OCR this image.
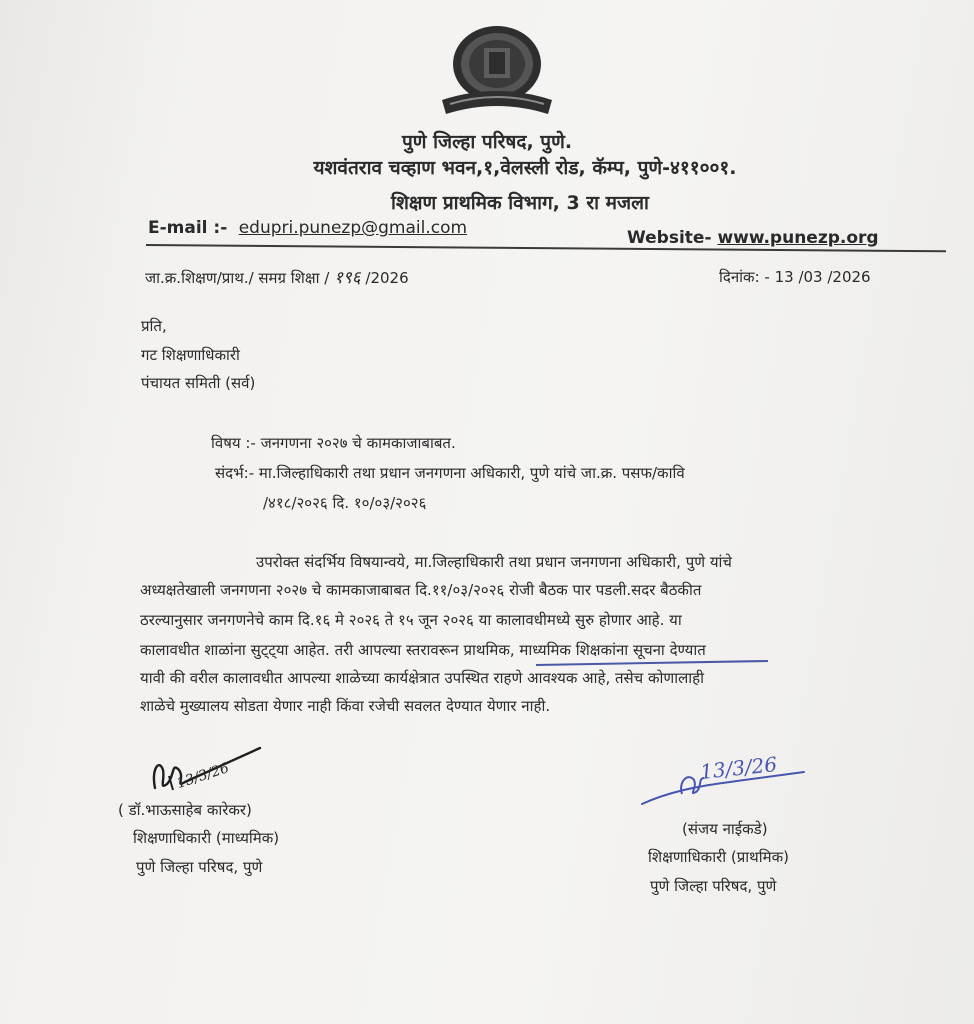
पुणे जिल्हा परिषद, पुणे.
यशवंतराव चव्हाण भवन,१,वेलस्ली रोड, कॅम्प, पुणे-४११००१.
शिक्षण प्राथमिक विभाग, 3 रा मजला
E-mail :- edupri.punezp@gmail.com	Website- www.punezp.org
जा.क्र.शिक्षण/प्राथ./ समग्र शिक्षा / १९६ /2026	दिनांक: - 13 /03 /2026
प्रति,
गट शिक्षणाधिकारी
पंचायत समिती (सर्व)
विषय :- जनगणना २०२७ चे कामकाजाबाबत.
संदर्भ:- मा.जिल्हाधिकारी तथा प्रधान जनगणना अधिकारी, पुणे यांचे जा.क्र. पसफ/कावि
/४१८/२०२६ दि. १०/०३/२०२६
उपरोक्त संदर्भिय विषयान्वये, मा.जिल्हाधिकारी तथा प्रधान जनगणना अधिकारी, पुणे यांचे
अध्यक्षतेखाली जनगणना २०२७ चे कामकाजाबाबत दि.११/०३/२०२६ रोजी बैठक पार पडली.सदर बैठकीत
ठरल्यानुसार जनगणनेचे काम दि.१६ मे २०२६ ते १५ जून २०२६ या कालावधीमध्ये सुरु होणार आहे. या
कालावधीत शाळांना सुट्ट्या आहेत. तरी आपल्या स्तरावरून प्राथमिक, माध्यमिक शिक्षकांना सूचना देण्यात
यावी की वरील कालावधीत आपल्या शाळेच्या कार्यक्षेत्रात उपस्थित राहणे आवश्यक आहे, तसेच कोणालाही
शाळेचे मुख्यालय सोडता येणार नाही किंवा रजेची सवलत देण्यात येणार नाही.
13/3/26
( डॉ.भाऊसाहेब कारेकर)
शिक्षणाधिकारी (माध्यमिक)
पुणे जिल्हा परिषद, पुणे
13/3/26
(संजय नाईकडे)
शिक्षणाधिकारी (प्राथमिक)
पुणे जिल्हा परिषद, पुणे
